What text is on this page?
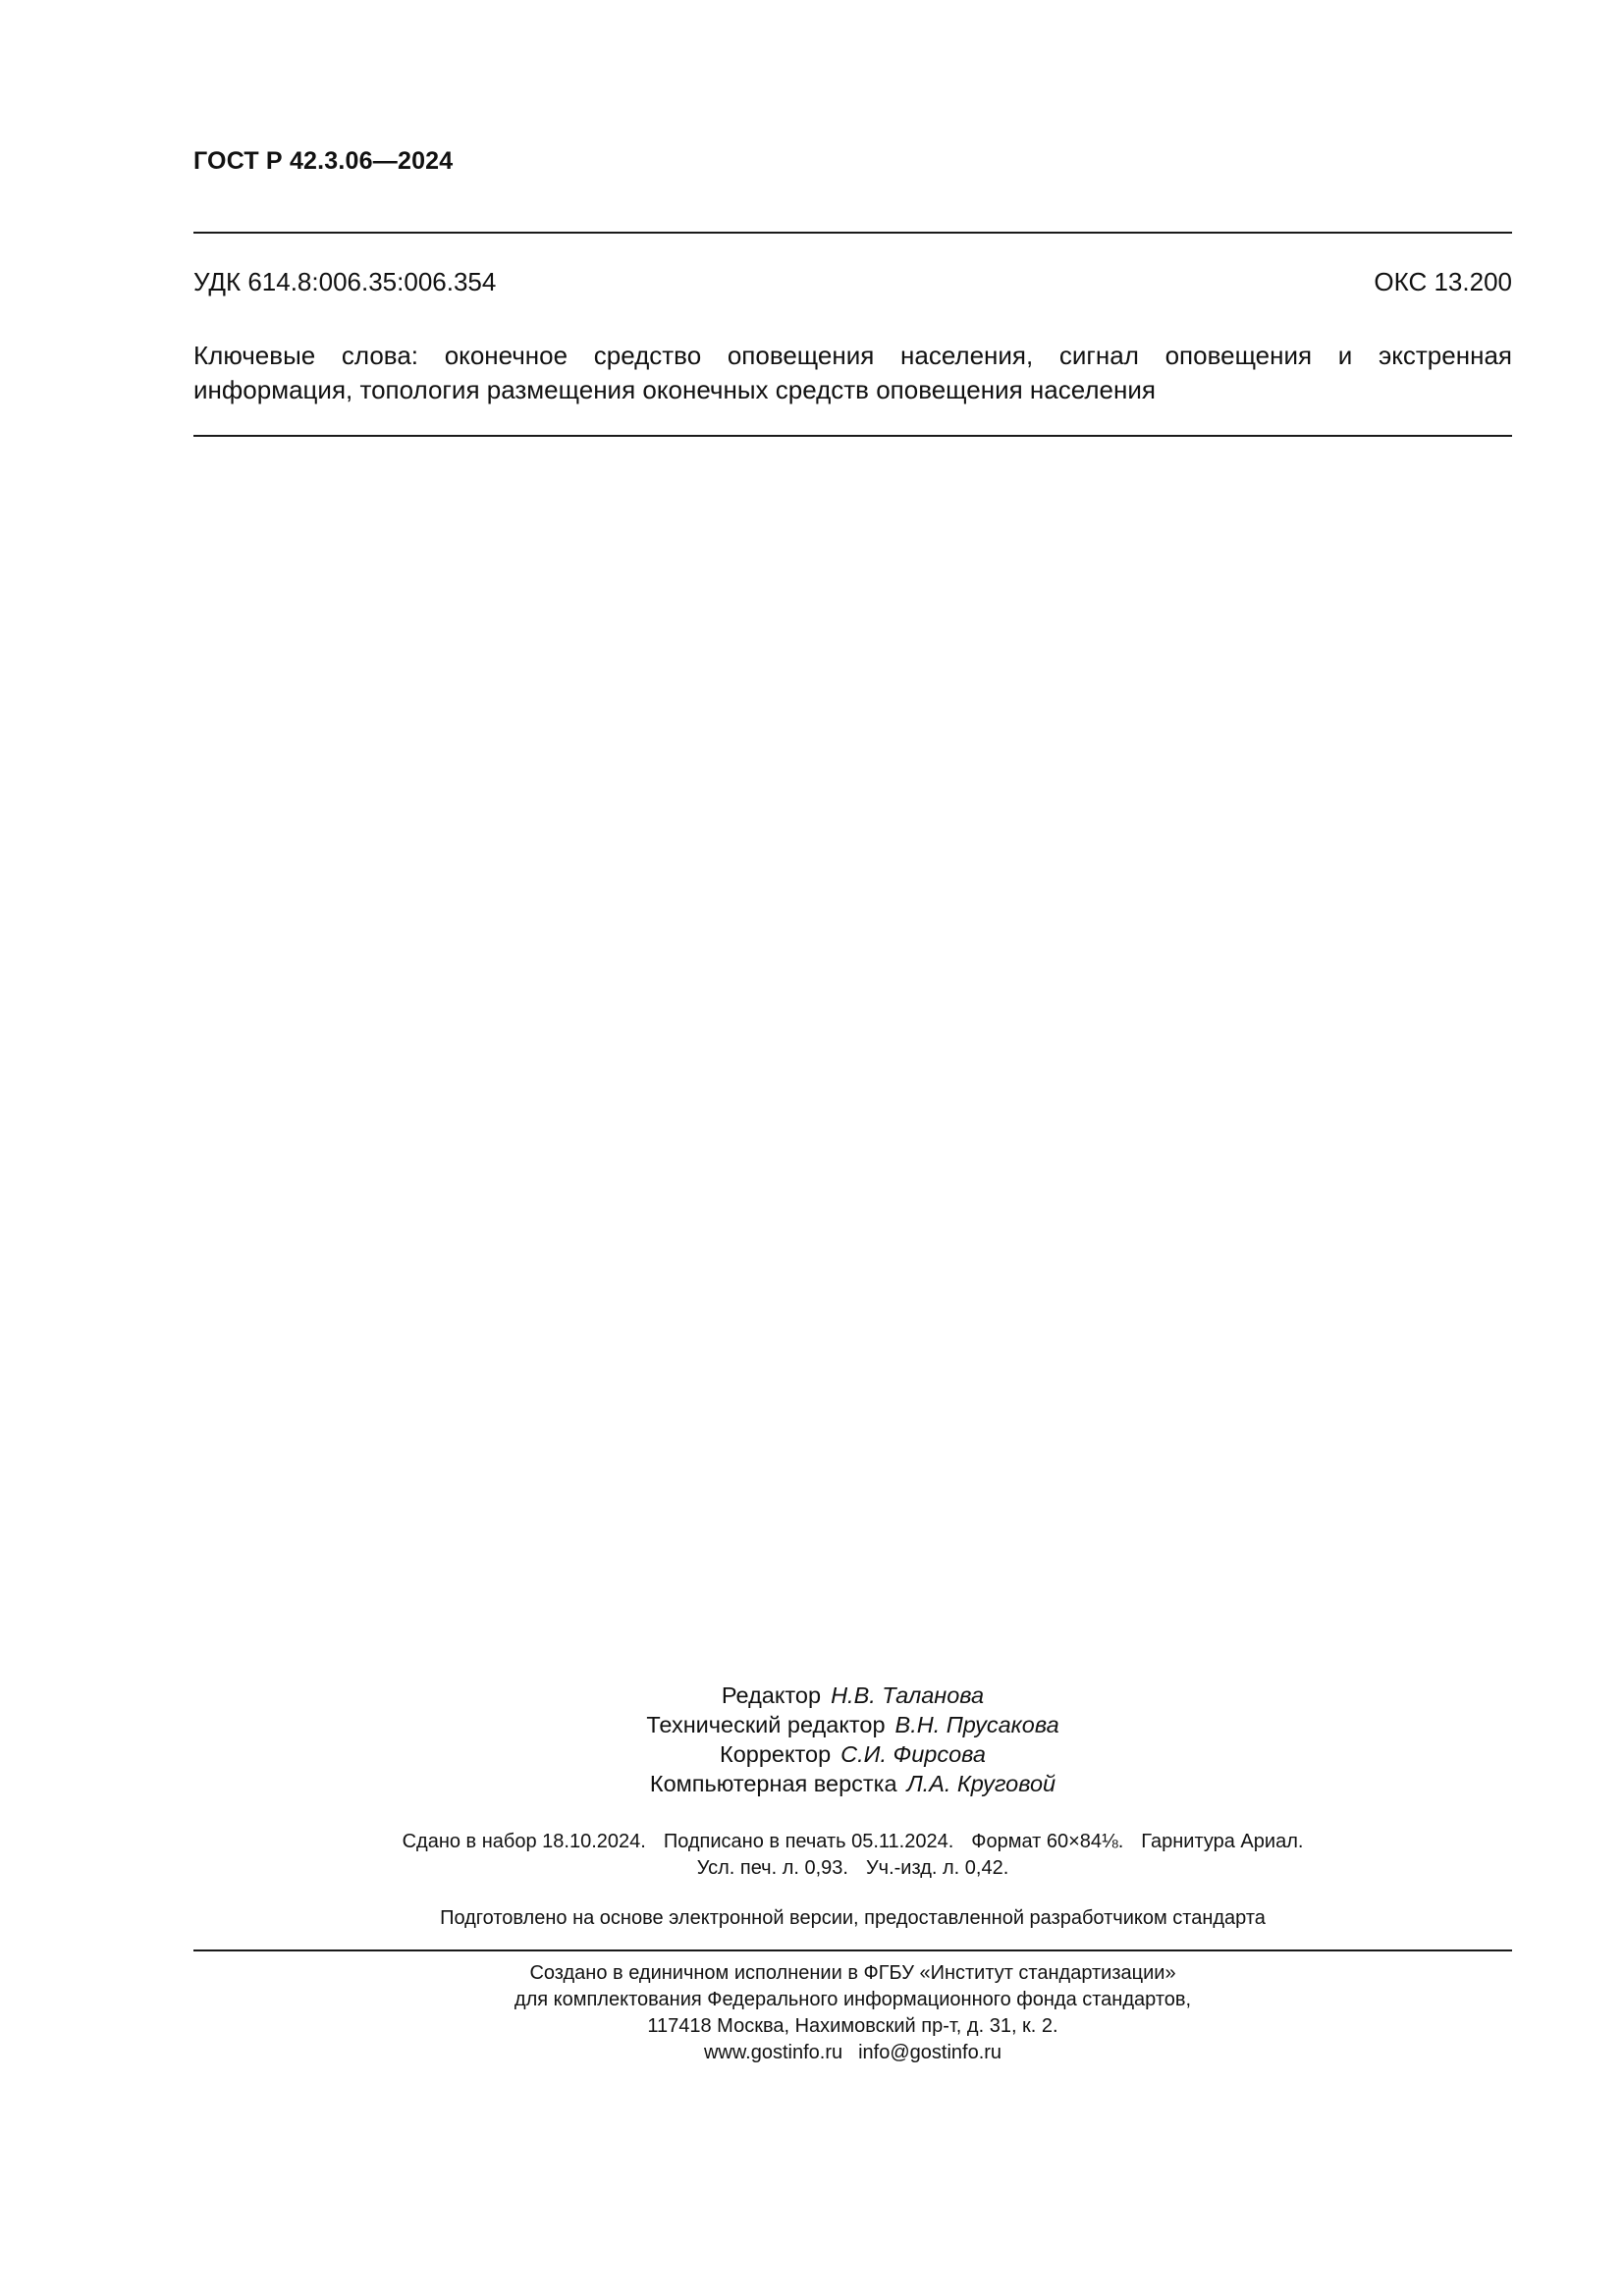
ГОСТ Р 42.3.06—2024
УДК 614.8:006.35:006.354	ОКС 13.200
Ключевые слова: оконечное средство оповещения населения, сигнал оповещения и экстренная
информация, топология размещения оконечных средств оповещения населения
Редактор Н.В. Таланова
Технический редактор В.Н. Прусакова
Корректор С.И. Фирсова
Компьютерная верстка Л.А. Круговой
Сдано в набор 18.10.2024. Подписано в печать 05.11.2024. Формат 60×84⅛. Гарнитура Ариал.
Усл. печ. л. 0,93. Уч.-изд. л. 0,42.
Подготовлено на основе электронной версии, предоставленной разработчиком стандарта
Создано в единичном исполнении в ФГБУ «Институт стандартизации»
для комплектования Федерального информационного фонда стандартов,
117418 Москва, Нахимовский пр-т, д. 31, к. 2.
www.gostinfo.ru info@gostinfo.ru
